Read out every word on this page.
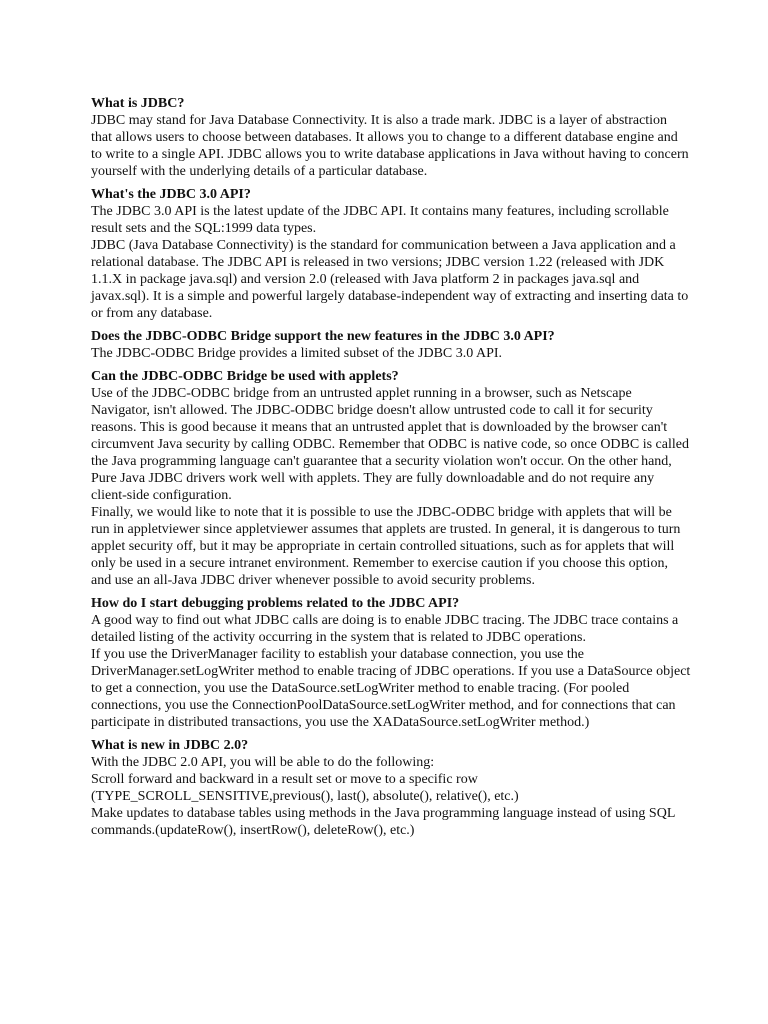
What is JDBC?
JDBC may stand for Java Database Connectivity. It is also a trade mark. JDBC is a layer of abstraction that allows users to choose between databases. It allows you to change to a different database engine and to write to a single API. JDBC allows you to write database applications in Java without having to concern yourself with the underlying details of a particular database.
What's the JDBC 3.0 API?
The JDBC 3.0 API is the latest update of the JDBC API. It contains many features, including scrollable result sets and the SQL:1999 data types.
JDBC (Java Database Connectivity) is the standard for communication between a Java application and a relational database. The JDBC API is released in two versions; JDBC version 1.22 (released with JDK 1.1.X in package java.sql) and version 2.0 (released with Java platform 2 in packages java.sql and javax.sql). It is a simple and powerful largely database-independent way of extracting and inserting data to or from any database.
Does the JDBC-ODBC Bridge support the new features in the JDBC 3.0 API?
The JDBC-ODBC Bridge provides a limited subset of the JDBC 3.0 API.
Can the JDBC-ODBC Bridge be used with applets?
Use of the JDBC-ODBC bridge from an untrusted applet running in a browser, such as Netscape Navigator, isn't allowed. The JDBC-ODBC bridge doesn't allow untrusted code to call it for security reasons. This is good because it means that an untrusted applet that is downloaded by the browser can't circumvent Java security by calling ODBC. Remember that ODBC is native code, so once ODBC is called the Java programming language can't guarantee that a security violation won't occur. On the other hand, Pure Java JDBC drivers work well with applets. They are fully downloadable and do not require any client-side configuration.
Finally, we would like to note that it is possible to use the JDBC-ODBC bridge with applets that will be run in appletviewer since appletviewer assumes that applets are trusted. In general, it is dangerous to turn applet security off, but it may be appropriate in certain controlled situations, such as for applets that will only be used in a secure intranet environment. Remember to exercise caution if you choose this option, and use an all-Java JDBC driver whenever possible to avoid security problems.
How do I start debugging problems related to the JDBC API?
A good way to find out what JDBC calls are doing is to enable JDBC tracing. The JDBC trace contains a detailed listing of the activity occurring in the system that is related to JDBC operations.
If you use the DriverManager facility to establish your database connection, you use the DriverManager.setLogWriter method to enable tracing of JDBC operations. If you use a DataSource object to get a connection, you use the DataSource.setLogWriter method to enable tracing. (For pooled connections, you use the ConnectionPoolDataSource.setLogWriter method, and for connections that can participate in distributed transactions, you use the XADataSource.setLogWriter method.)
What is new in JDBC 2.0?
With the JDBC 2.0 API, you will be able to do the following:
Scroll forward and backward in a result set or move to a specific row (TYPE_SCROLL_SENSITIVE,previous(), last(), absolute(), relative(), etc.)
Make updates to database tables using methods in the Java programming language instead of using SQL commands.(updateRow(), insertRow(), deleteRow(), etc.)
